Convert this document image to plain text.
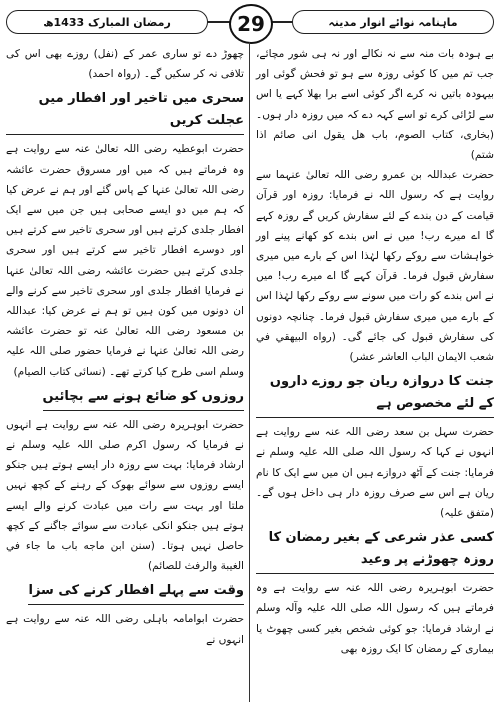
ماہنامہ نوائے انوار مدینہ
رمضان المبارک 1433ھ	29

بے ہودہ بات منہ سے نہ نکالے اور نہ ہی شور مچائے، جب تم میں کا کوئی روزہ سے ہو تو فحش گوئی اور بیہودہ باتیں نہ کرے اگر کوئی اسے برا بھلا کہے یا اس سے لڑائی کرے تو اسے کہہ دے کہ میں روزہ دار ہوں۔ (بخاری، کتاب الصوم، باب هل يقول انى صائم اذا شتم)

حضرت عبداللہ بن عمرو رضی اللہ تعالیٰ عنہما سے روایت ہے کہ رسول اللہ نے فرمایا: روزہ اور قرآن قیامت کے دن بندے کے لئے سفارش کریں گے روزہ کہے گا اے میرے رب! میں نے اس بندے کو کھانے پینے اور خواہشات سے روکے رکھا لہٰذا اس کے بارے میں میری سفارش قبول فرما۔ قرآن کہے گا اے میرے رب! میں نے اس بندے کو رات میں سونے سے روکے رکھا لہٰذا اس کے بارے میں میری سفارش قبول فرما۔ چنانچہ دونوں کی سفارش قبول کی جائے گی۔ (رواه البيهقي في شعب الايمان الباب العاشر عشر)

جنت کا دروازہ ریان جو روزے داروں کے لئے مخصوص ہے

حضرت سہل بن سعد رضی اللہ عنہ سے روایت ہے انہوں نے کہا کہ رسول اللہ صلی اللہ علیہ وسلم نے فرمایا: جنت کے آٹھ دروازے ہیں ان میں سے ایک کا نام ریان ہے اس سے صرف روزہ دار ہی داخل ہوں گے۔ (متفق علیہ)

کسی عذر شرعی کے بغیر رمضان کا روزہ چھوڑنے پر وعید

حضرت ابوہریرہ رضی اللہ عنہ سے روایت ہے وہ فرماتے ہیں کہ رسول اللہ صلی اللہ علیہ وآلہ وسلم نے ارشاد فرمایا: جو کوئی شخص بغیر کسی چھوٹ یا بیماری کے رمضان کا ایک روزہ بھی

چھوڑ دے تو ساری عمر کے (نفل) روزے بھی اس کی تلافی نہ کر سکیں گے۔ (رواہ احمد)

سحری میں تاخیر اور افطار میں عجلت کریں

حضرت ابوعطیہ رضی اللہ تعالیٰ عنہ سے روایت ہے وہ فرماتے ہیں کہ میں اور مسروق حضرت عائشہ رضی اللہ تعالیٰ عنہا کے پاس گئے اور ہم نے عرض کیا کہ ہم میں دو ایسے صحابی ہیں جن میں سے ایک افطار جلدی کرتے ہیں اور سحری تاخیر سے کرتے ہیں اور دوسرے افطار تاخیر سے کرتے ہیں اور سحری جلدی کرتے ہیں حضرت عائشہ رضی اللہ تعالیٰ عنہا نے فرمایا افطار جلدی اور سحری تاخیر سے کرنے والے ان دونوں میں کون ہیں تو ہم نے عرض کیا: عبداللہ بن مسعود رضی اللہ تعالیٰ عنہ تو حضرت عائشہ رضی اللہ تعالیٰ عنہا نے فرمایا حضور صلی اللہ علیہ وسلم اسی طرح کیا کرتے تھے۔ (نسائی کتاب الصیام)

روزوں کو ضائع ہونے سے بچائیں

حضرت ابوہریرہ رضی اللہ عنہ سے روایت ہے انہوں نے فرمایا کہ رسول اکرم صلی اللہ علیہ وسلم نے ارشاد فرمایا: بہت سے روزہ دار ایسے ہوتے ہیں جنکو ایسے روزوں سے سوائے بھوک کے رہنے کے کچھ نہیں ملتا اور بہت سے رات میں عبادت کرنے والے ایسے ہوتے ہیں جنکو انکی عبادت سے سوائے جاگنے کے کچھ حاصل نہیں ہوتا۔ (سنن ابن ماجه باب ما جاء في الغيبة والرفث للصائم)

وقت سے پہلے افطار کرنے کی سزا

حضرت ابوامامہ باہلی رضی اللہ عنہ سے روایت ہے انہوں نے
